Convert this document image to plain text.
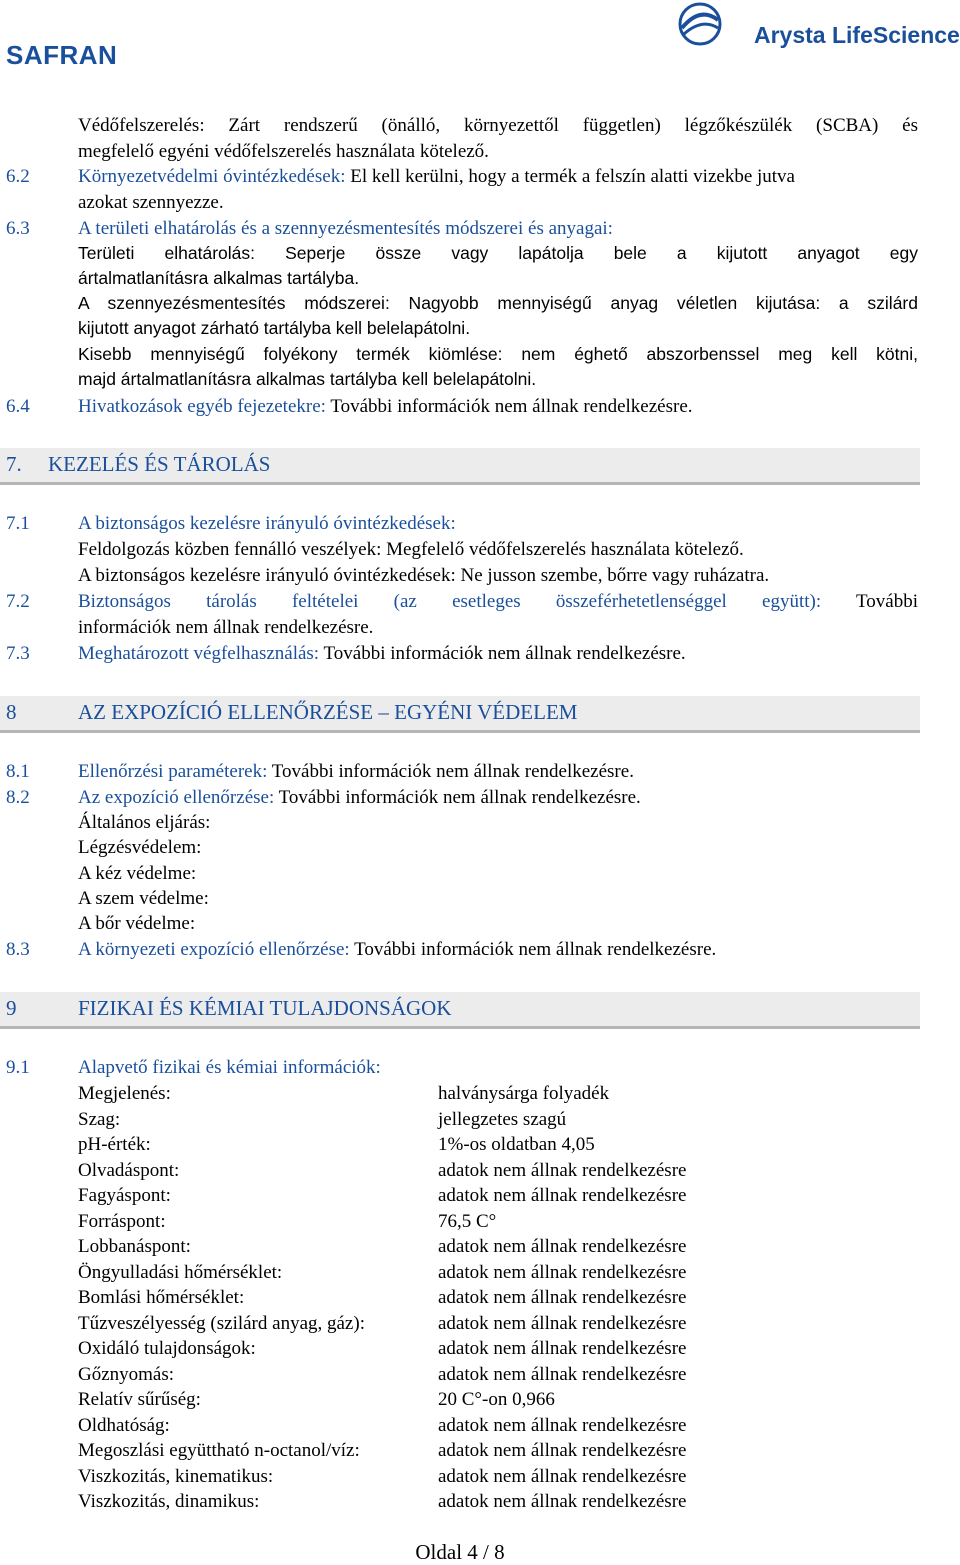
SAFRAN
Arysta LifeScience
Védőfelszerelés: Zárt rendszerű (önálló, környezettől független) légzőkészülék (SCBA) és
megfelelő egyéni védőfelszerelés használata kötelező.
6.2	Környezetvédelmi óvintézkedések: El kell kerülni, hogy a termék a felszín alatti vizekbe jutva
azokat szennyezze.
6.3	A területi elhatárolás és a szennyezésmentesítés módszerei és anyagai:
Területi elhatárolás: Seperje össze vagy lapátolja bele a kijutott anyagot egy
ártalmatlanításra alkalmas tartályba.
A szennyezésmentesítés módszerei: Nagyobb mennyiségű anyag véletlen kijutása: a szilárd
kijutott anyagot zárható tartályba kell belelapátolni.
Kisebb mennyiségű folyékony termék kiömlése: nem éghető abszorbenssel meg kell kötni,
majd ártalmatlanításra alkalmas tartályba kell belelapátolni.
6.4	Hivatkozások egyéb fejezetekre: További információk nem állnak rendelkezésre.
7. KEZELÉS ÉS TÁROLÁS
7.1	A biztonságos kezelésre irányuló óvintézkedések:
Feldolgozás közben fennálló veszélyek: Megfelelő védőfelszerelés használata kötelező.
A biztonságos kezelésre irányuló óvintézkedések: Ne jusson szembe, bőrre vagy ruházatra.
7.2	Biztonságos tárolás feltételei (az esetleges összeférhetetlenséggel együtt): További
információk nem állnak rendelkezésre.
7.3	Meghatározott végfelhasználás: További információk nem állnak rendelkezésre.
8	AZ EXPOZÍCIÓ ELLENŐRZÉSE – EGYÉNI VÉDELEM
8.1	Ellenőrzési paraméterek: További információk nem állnak rendelkezésre.
8.2	Az expozíció ellenőrzése: További információk nem állnak rendelkezésre.
Általános eljárás:
Légzésvédelem:
A kéz védelme:
A szem védelme:
A bőr védelme:
8.3	A környezeti expozíció ellenőrzése: További információk nem állnak rendelkezésre.
9	FIZIKAI ÉS KÉMIAI TULAJDONSÁGOK
9.1	Alapvető fizikai és kémiai információk:
Megjelenés:	halványsárga folyadék
Szag:	jellegzetes szagú
pH-érték:	1%-os oldatban 4,05
Olvadáspont:	adatok nem állnak rendelkezésre
Fagyáspont:	adatok nem állnak rendelkezésre
Forráspont:	76,5 C°
Lobbanáspont:	adatok nem állnak rendelkezésre
Öngyulladási hőmérséklet:	adatok nem állnak rendelkezésre
Bomlási hőmérséklet:	adatok nem állnak rendelkezésre
Tűzveszélyesség (szilárd anyag, gáz):	adatok nem állnak rendelkezésre
Oxidáló tulajdonságok:	adatok nem állnak rendelkezésre
Gőznyomás:	adatok nem állnak rendelkezésre
Relatív sűrűség:	20 C°-on 0,966
Oldhatóság:	adatok nem állnak rendelkezésre
Megoszlási együttható n-octanol/víz:	adatok nem állnak rendelkezésre
Viszkozitás, kinematikus:	adatok nem állnak rendelkezésre
Viszkozitás, dinamikus:	adatok nem állnak rendelkezésre
Oldal 4 / 8
